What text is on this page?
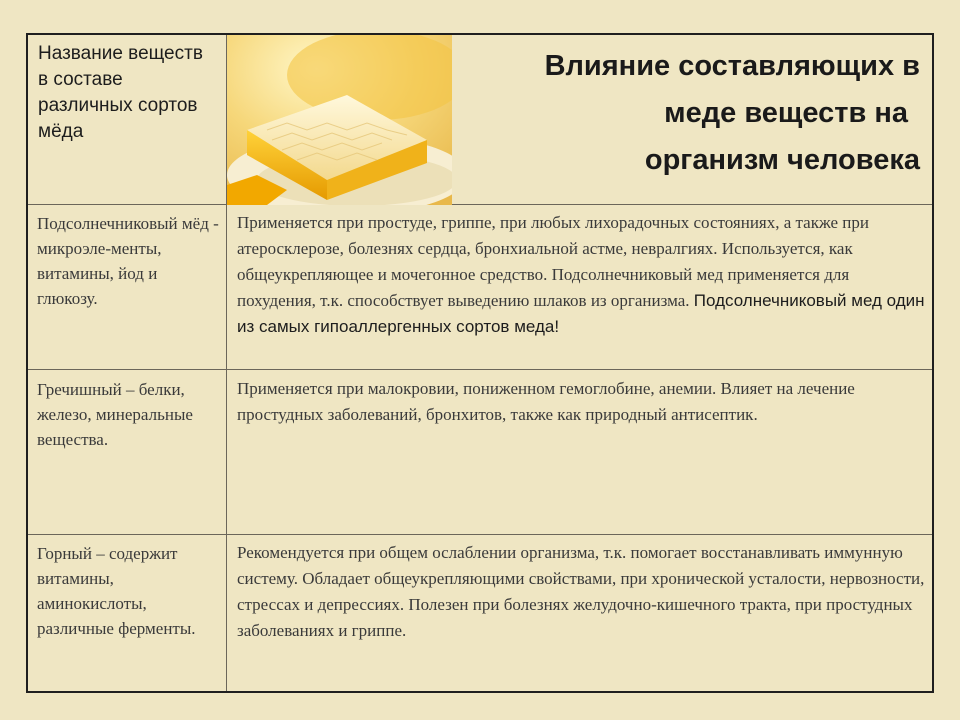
Название веществ в составе различных сортов мёда
Влияние составляющих в
меде веществ на
организм человека
Подсолнечниковый мёд - микроэле-менты, витамины, йод и глюкозу.
Применяется при простуде, гриппе, при любых лихорадочных состояниях, а также при атеросклерозе, болезнях сердца, бронхиальной астме, невралгиях. Используется, как общеукрепляющее и мочегонное средство. Подсолнечниковый мед применяется для похудения, т.к. способствует выведению шлаков из организма. Подсолнечниковый мед один из самых гипоаллергенных сортов меда!
Гречишный – белки, железо, минеральные вещества.
Применяется при малокровии, пониженном гемоглобине, анемии. Влияет на лечение простудных заболеваний, бронхитов, также как природный антисептик.
Горный – содержит витамины, аминокислоты, различные ферменты.
Рекомендуется при общем ослаблении организма, т.к. помогает восстанавливать иммунную систему. Обладает общеукрепляющими свойствами, при хронической усталости, нервозности, стрессах и депрессиях. Полезен при болезнях желудочно-кишечного тракта, при простудных заболеваниях и гриппе.
